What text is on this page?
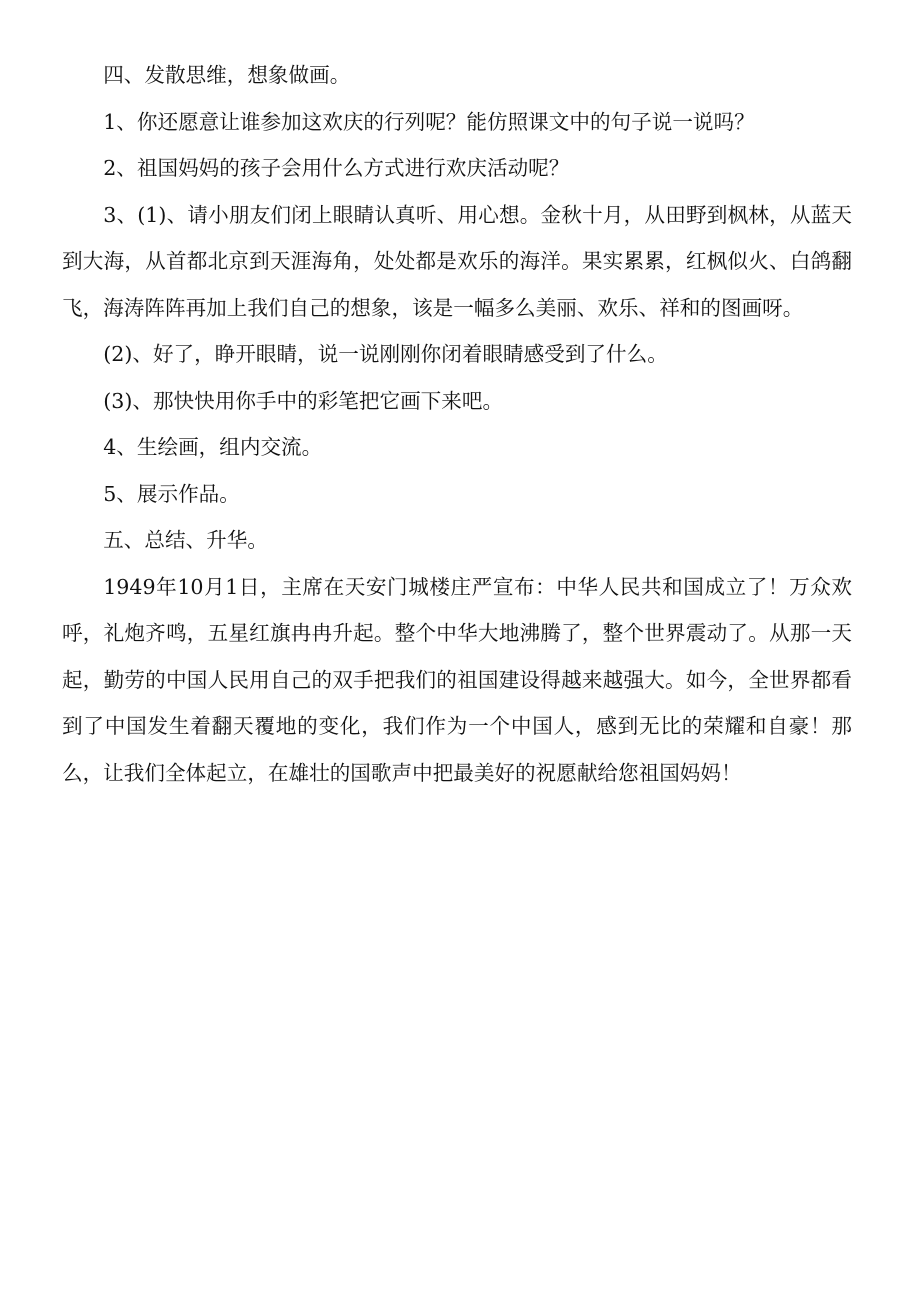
四、发散思维，想象做画。

1、你还愿意让谁参加这欢庆的行列呢？能仿照课文中的句子说一说吗？

2、祖国妈妈的孩子会用什么方式进行欢庆活动呢？

3、(1)、请小朋友们闭上眼睛认真听、用心想。金秋十月，从田野到枫林，从蓝天到大海，从首都北京到天涯海角，处处都是欢乐的海洋。果实累累，红枫似火、白鸽翻飞，海涛阵阵再加上我们自己的想象，该是一幅多么美丽、欢乐、祥和的图画呀。

(2)、好了，睁开眼睛，说一说刚刚你闭着眼睛感受到了什么。

(3)、那快快用你手中的彩笔把它画下来吧。

4、生绘画，组内交流。

5、展示作品。

五、总结、升华。

1949年10月1日，主席在天安门城楼庄严宣布：中华人民共和国成立了！万众欢呼，礼炮齐鸣，五星红旗冉冉升起。整个中华大地沸腾了，整个世界震动了。从那一天起，勤劳的中国人民用自己的双手把我们的祖国建设得越来越强大。如今，全世界都看到了中国发生着翻天覆地的变化，我们作为一个中国人，感到无比的荣耀和自豪！那么，让我们全体起立，在雄壮的国歌声中把最美好的祝愿献给您祖国妈妈！
